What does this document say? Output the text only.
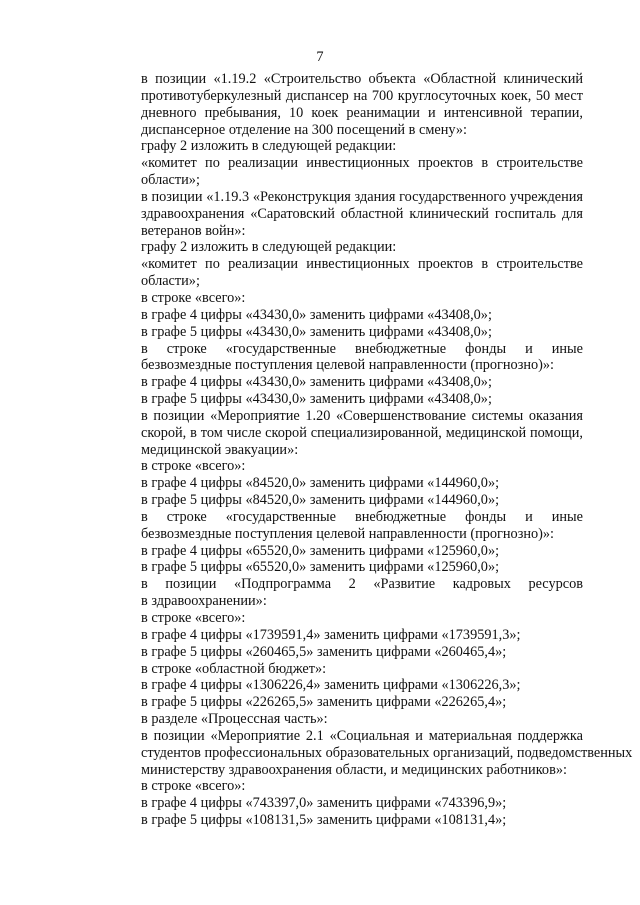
7

в позиции «1.19.2 «Строительство объекта «Областной клинический
противотуберкулезный диспансер на 700 круглосуточных коек, 50 мест
дневного пребывания, 10 коек реанимации и интенсивной терапии,
диспансерное отделение на 300 посещений в смену»:

графу 2 изложить в следующей редакции:

«комитет по реализации инвестиционных проектов в строительстве
области»;

в позиции «1.19.3 «Реконструкция здания государственного учреждения
здравоохранения «Саратовский областной клинический госпиталь для
ветеранов войн»:

графу 2 изложить в следующей редакции:

«комитет по реализации инвестиционных проектов в строительстве
области»;

в строке «всего»:

в графе 4 цифры «43430,0» заменить цифрами «43408,0»;

в графе 5 цифры «43430,0» заменить цифрами «43408,0»;

в строке «государственные внебюджетные фонды и иные
безвозмездные поступления целевой направленности (прогнозно)»:

в графе 4 цифры «43430,0» заменить цифрами «43408,0»;

в графе 5 цифры «43430,0» заменить цифрами «43408,0»;

в позиции «Мероприятие 1.20 «Совершенствование системы оказания
скорой, в том числе скорой специализированной, медицинской помощи,
медицинской эвакуации»:

в строке «всего»:

в графе 4 цифры «84520,0» заменить цифрами «144960,0»;

в графе 5 цифры «84520,0» заменить цифрами «144960,0»;

в строке «государственные внебюджетные фонды и иные
безвозмездные поступления целевой направленности (прогнозно)»:

в графе 4 цифры «65520,0» заменить цифрами «125960,0»;

в графе 5 цифры «65520,0» заменить цифрами «125960,0»;

в позиции «Подпрограмма 2 «Развитие кадровых ресурсов
в здравоохранении»:

в строке «всего»:

в графе 4 цифры «1739591,4» заменить цифрами «1739591,3»;

в графе 5 цифры «260465,5» заменить цифрами «260465,4»;

в строке «областной бюджет»:

в графе 4 цифры «1306226,4» заменить цифрами «1306226,3»;

в графе 5 цифры «226265,5» заменить цифрами «226265,4»;

в разделе «Процессная часть»:

в позиции «Мероприятие 2.1 «Социальная и материальная поддержка
студентов профессиональных образовательных организаций, подведомственных
министерству здравоохранения области, и медицинских работников»:

в строке «всего»:

в графе 4 цифры «743397,0» заменить цифрами «743396,9»;

в графе 5 цифры «108131,5» заменить цифрами «108131,4»;
